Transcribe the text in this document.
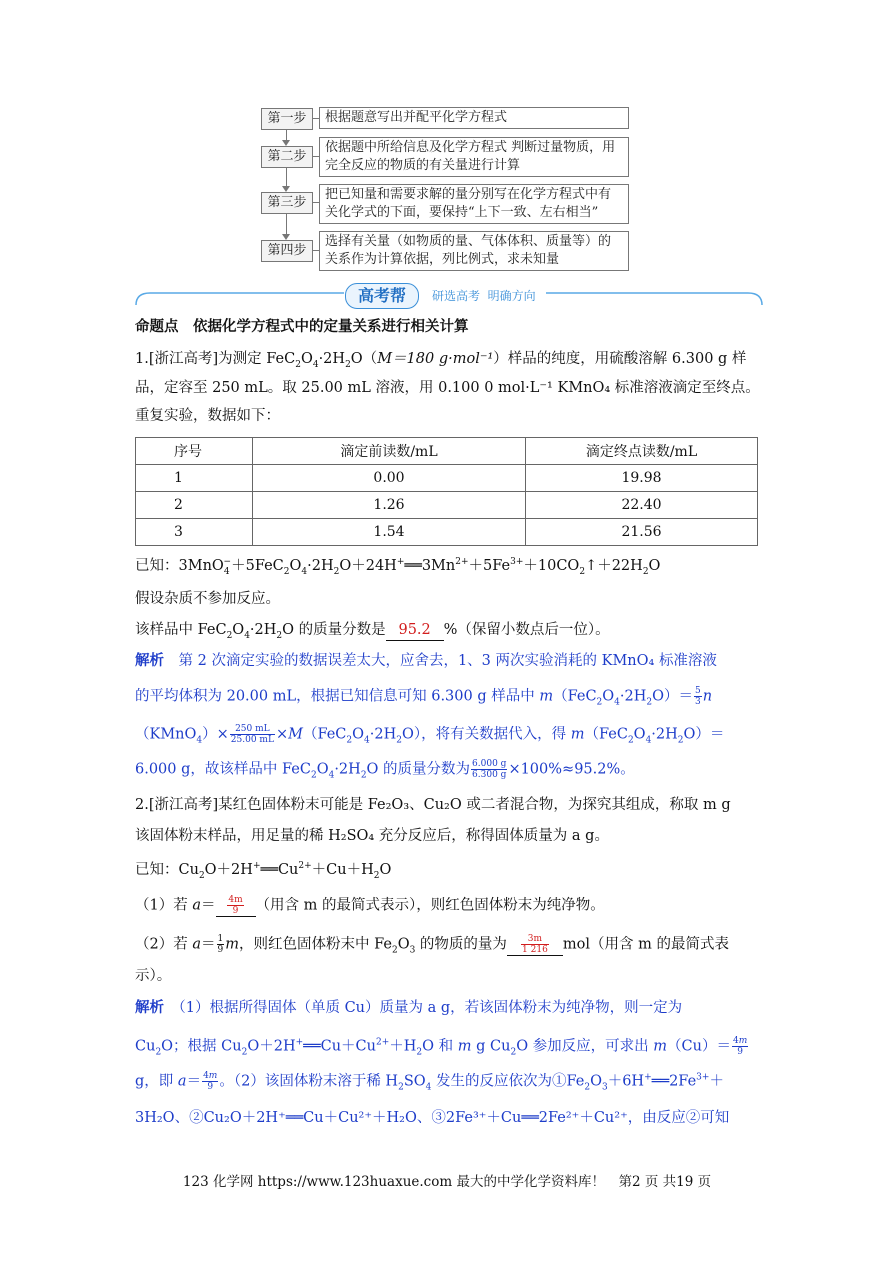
第一步	根据题意写出并配平化学方程式
第二步
依据题中所给信息及化学方程式 判断过量物质，用完全反应的物质的有关量进行计算
第三步
把已知量和需要求解的量分别写在化学方程式中有关化学式的下面，要保持“上下一致、左右相当”
第四步
选择有关量（如物质的量、气体体积、质量等）的关系作为计算依据，列比例式，求未知量
高考帮	研选高考  明确方向
命题点　依据化学方程式中的定量关系进行相关计算
1.[浙江高考]为测定 $FeC_2O_4\cdot 2H_2O(M=180$ g·mol⁻¹）样品的纯度，用硫酸溶解 6.300 g 样
品，定容至 250 mL。取 25.00 mL 溶液，用 0.100 0 mol·L⁻¹ KMnO₄ 标准溶液滴定至终点。
重复实验，数据如下：
序号	滴定前读数/mL	滴定终点读数/mL
1	0.00	19.98
2	1.26	22.40
3	1.54	21.56
已知：$3MnO_4^-+5FeC_2O_4\cdot 2H_2O+24H^+══3Mn^{2+}+5Fe^{3+}+10CO_2↑+22H_2O$
假设杂质不参加反应。
该样品中 $FeC_2O_4\cdot 2H_2O$ 的质量分数是 95.2 %（保留小数点后一位）。
解析　 第 2 次滴定实验的数据误差太大，应舍去，1、3 两次实验消耗的 KMnO₄ 标准溶液
的平均体积为 20.00 mL，根据已知信息可知 6.300 g 样品中 $m(FeC_2O_4\cdot 2H_2O)= \frac{5}{3}$ n
（KMnO$_4$）× $\frac{250 mL}{25.00 mL} \times M(FeC_2O_4\cdot 2H_2O)$，将有关数据代入，得 $m(FeC_2O_4\cdot 2H_2O)=$
6.000 g，故该样品中 $FeC_2O_4\cdot 2H_2O$ 的质量分数为 $\frac{6.000 g}{6.300 g} \times 100\%\approx 95.2\%$。
2.[浙江高考]某红色固体粉末可能是 Fe₂O₃、Cu₂O 或二者混合物，为探究其组成，称取 m g
该固体粉末样品，用足量的稀 H₂SO₄ 充分反应后，称得固体质量为 a g。
已知：$Cu_2O+2H^+══Cu^{2+}+Cu+H_2O$
（1）若 $a= \frac{4m}{9}$ （用含 m 的最简式表示），则红色固体粉末为纯净物。
（2）若 $a= \frac{1}{9}$ m，则红色固体粉末中 $Fe_2O_3$ 的物质的量为 $\frac{3m}{1 216} mol$（用含 m 的最简式表
示）。
解析　 （1）根据所得固体（单质 Cu）质量为 a g，若该固体粉末为纯净物，则一定为
$Cu_2O$；根据 $Cu_2O+2H^+══Cu+Cu^{2+}+H_2O$ 和 m g $Cu_2O$ 参加反应，可求出 $m(Cu)= \frac{4m}{9}$
g，即 $a= \frac{4m}{9}$ 。（2）该固体粉末溶于稀 $H_2SO_4$ 发生的反应依次为$①Fe_2O_3+6H^+══2Fe^{3+}+$
3H₂O、②Cu₂O＋2H⁺══Cu＋Cu²⁺＋H₂O、③2Fe³⁺＋Cu══2Fe²⁺＋Cu²⁺，由反应②可知
123 化学网 https://www.123huaxue.com 最大的中学化学资料库！　第2 页 共19 页
